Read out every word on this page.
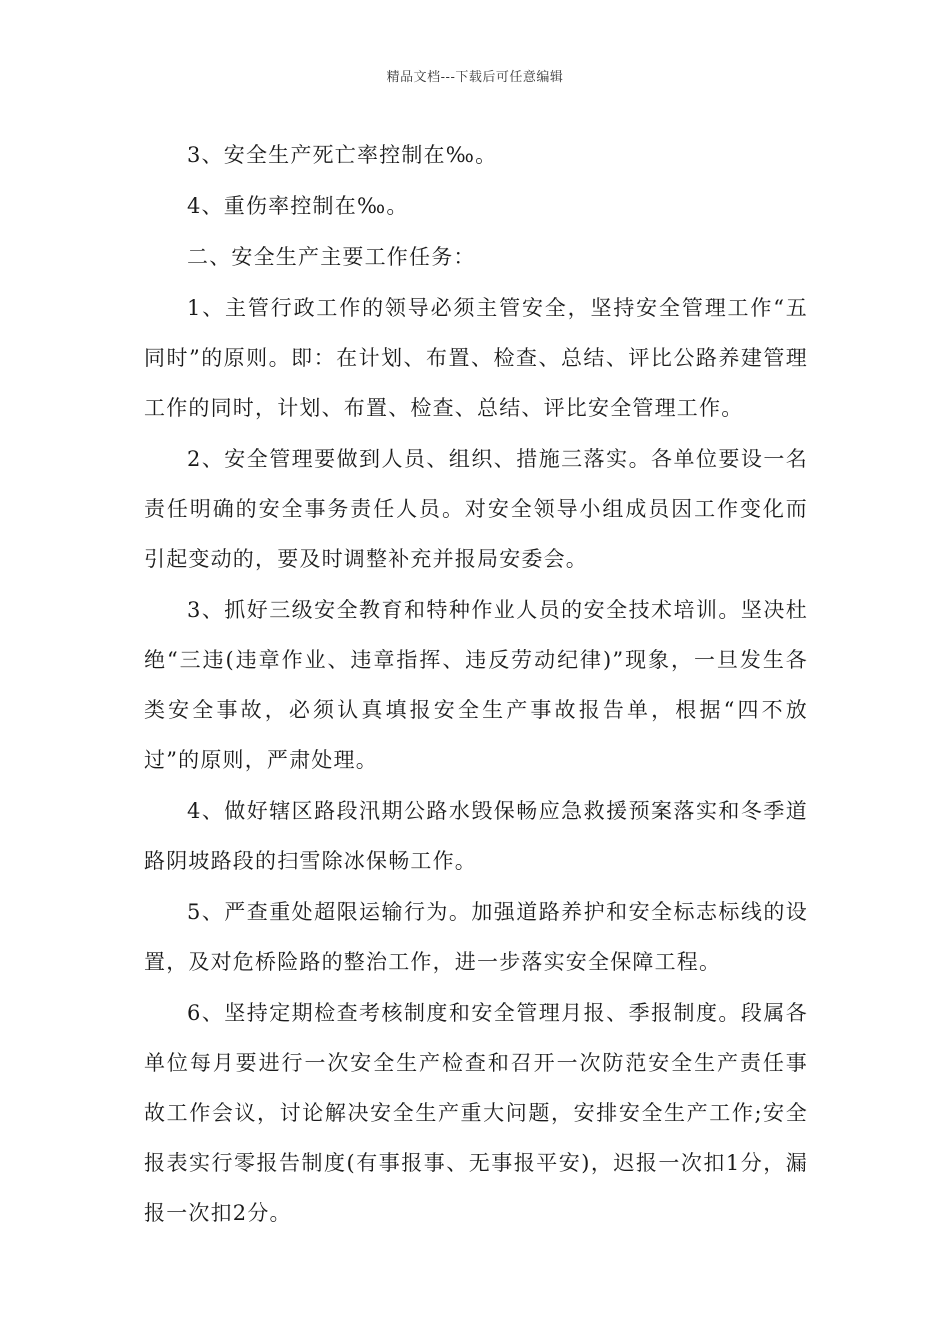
精品文档---下载后可任意编辑

3、安全生产死亡率控制在‰。

4、重伤率控制在‰。

二、安全生产主要工作任务：

1、主管行政工作的领导必须主管安全，坚持安全管理工作“五同时”的原则。即：在计划、布置、检查、总结、评比公路养建管理工作的同时，计划、布置、检查、总结、评比安全管理工作。

2、安全管理要做到人员、组织、措施三落实。各单位要设一名责任明确的安全事务责任人员。对安全领导小组成员因工作变化而引起变动的，要及时调整补充并报局安委会。

3、抓好三级安全教育和特种作业人员的安全技术培训。坚决杜绝“三违(违章作业、违章指挥、违反劳动纪律)”现象，一旦发生各类安全事故，必须认真填报安全生产事故报告单，根据“四不放过”的原则，严肃处理。

4、做好辖区路段汛期公路水毁保畅应急救援预案落实和冬季道路阴坡路段的扫雪除冰保畅工作。

5、严查重处超限运输行为。加强道路养护和安全标志标线的设置，及对危桥险路的整治工作，进一步落实安全保障工程。

6、坚持定期检查考核制度和安全管理月报、季报制度。段属各单位每月要进行一次安全生产检查和召开一次防范安全生产责任事故工作会议，讨论解决安全生产重大问题，安排安全生产工作;安全报表实行零报告制度(有事报事、无事报平安)，迟报一次扣1分，漏报一次扣2分。
